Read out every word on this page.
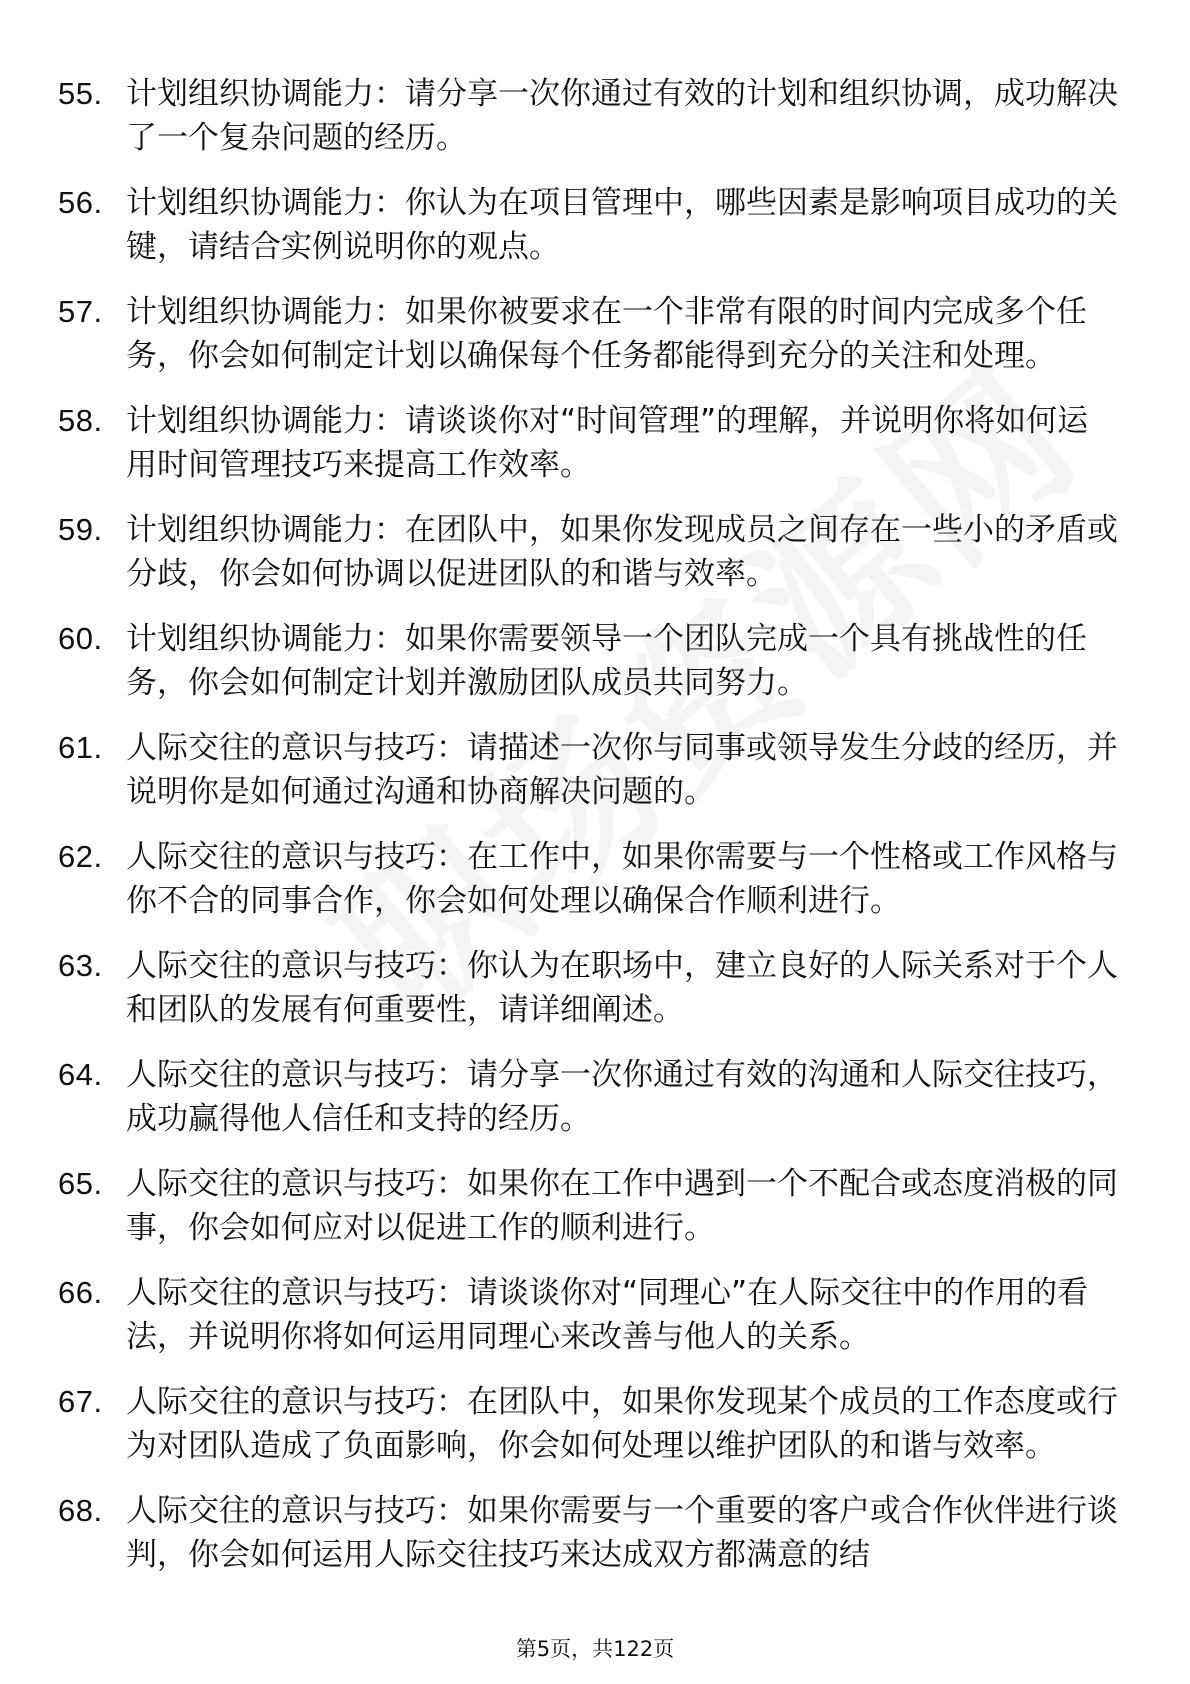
55. 计划组织协调能力：请分享一次你通过有效的计划和组织协调，成功解决了一个复杂问题的经历。
56. 计划组织协调能力：你认为在项目管理中，哪些因素是影响项目成功的关键，请结合实例说明你的观点。
57. 计划组织协调能力：如果你被要求在一个非常有限的时间内完成多个任务，你会如何制定计划以确保每个任务都能得到充分的关注和处理。
58. 计划组织协调能力：请谈谈你对“时间管理”的理解，并说明你将如何运用时间管理技巧来提高工作效率。
59. 计划组织协调能力：在团队中，如果你发现成员之间存在一些小的矛盾或分歧，你会如何协调以促进团队的和谐与效率。
60. 计划组织协调能力：如果你需要领导一个团队完成一个具有挑战性的任务，你会如何制定计划并激励团队成员共同努力。
61. 人际交往的意识与技巧：请描述一次你与同事或领导发生分歧的经历，并说明你是如何通过沟通和协商解决问题的。
62. 人际交往的意识与技巧：在工作中，如果你需要与一个性格或工作风格与你不合的同事合作，你会如何处理以确保合作顺利进行。
63. 人际交往的意识与技巧：你认为在职场中，建立良好的人际关系对于个人和团队的发展有何重要性，请详细阐述。
64. 人际交往的意识与技巧：请分享一次你通过有效的沟通和人际交往技巧，成功赢得他人信任和支持的经历。
65. 人际交往的意识与技巧：如果你在工作中遇到一个不配合或态度消极的同事，你会如何应对以促进工作的顺利进行。
66. 人际交往的意识与技巧：请谈谈你对“同理心”在人际交往中的作用的看法，并说明你将如何运用同理心来改善与他人的关系。
67. 人际交往的意识与技巧：在团队中，如果你发现某个成员的工作态度或行为对团队造成了负面影响，你会如何处理以维护团队的和谐与效率。
68. 人际交往的意识与技巧：如果你需要与一个重要的客户或合作伙伴进行谈判，你会如何运用人际交往技巧来达成双方都满意的结
第5页，共122页
